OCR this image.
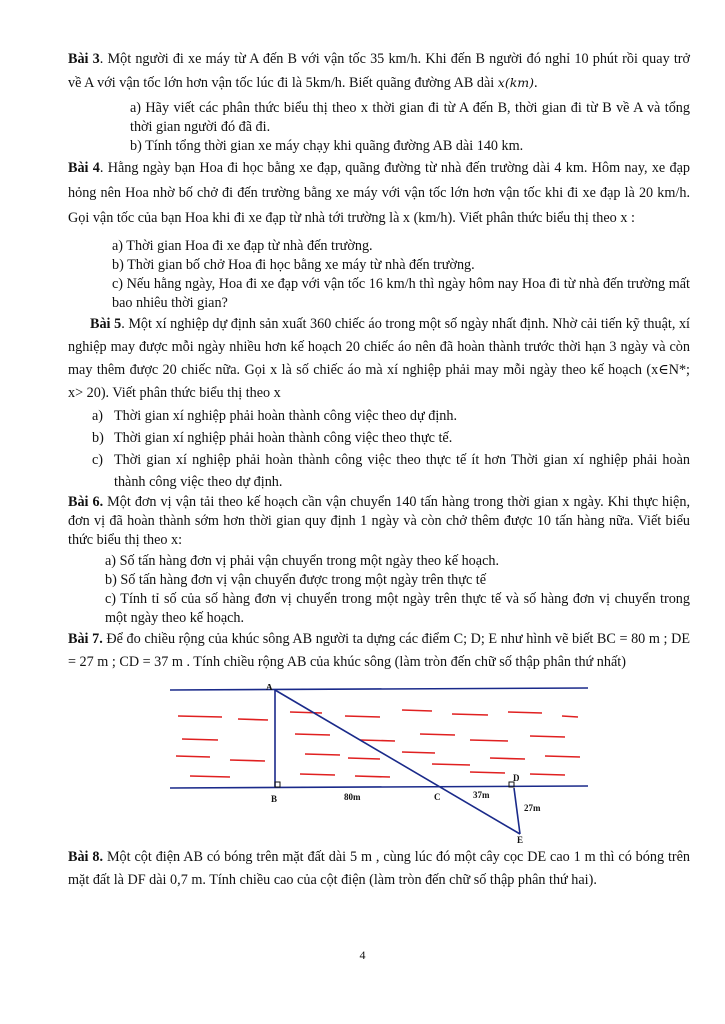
Bài 3. Một người đi xe máy từ A đến B với vận tốc 35 km/h. Khi đến B người đó nghỉ 10 phút rồi quay trở về A với vận tốc lớn hơn vận tốc lúc đi là 5km/h. Biết quãng đường AB dài x(km).

a) Hãy viết các phân thức biểu thị theo x thời gian đi từ A đến B, thời gian đi từ B về A và tổng thời gian người đó đã đi.

b) Tính tổng thời gian xe máy chạy khi quãng đường AB dài 140 km.

Bài 4. Hằng ngày bạn Hoa đi học bằng xe đạp, quãng đường từ nhà đến trường dài 4 km. Hôm nay, xe đạp hỏng nên Hoa nhờ bố chở đi đến trường bằng xe máy với vận tốc lớn hơn vận tốc khi đi xe đạp là 20 km/h. Gọi vận tốc của bạn Hoa khi đi xe đạp từ nhà tới trường là x (km/h). Viết phân thức biểu thị theo x :

a) Thời gian Hoa đi xe đạp từ nhà đến trường.

b) Thời gian bố chở Hoa đi học bằng xe máy từ nhà đến trường.

c) Nếu hằng ngày, Hoa đi xe đạp với vận tốc 16 km/h thì ngày hôm nay Hoa đi từ nhà đến trường mất bao nhiêu thời gian?

Bài 5. Một xí nghiệp dự định sản xuất 360 chiếc áo trong một số ngày nhất định. Nhờ cải tiến kỹ thuật, xí nghiệp may được mỗi ngày nhiều hơn kế hoạch 20 chiếc áo nên đã hoàn thành trước thời hạn 3 ngày và còn may thêm được 20 chiếc nữa. Gọi x là số chiếc áo mà xí nghiệp phải may mỗi ngày theo kế hoạch (x∈N*; x> 20). Viết phân thức biểu thị theo x

a) Thời gian xí nghiệp phải hoàn thành công việc theo dự định.
b) Thời gian xí nghiệp phải hoàn thành công việc theo thực tế.
c) Thời gian xí nghiệp phải hoàn thành công việc theo thực tế ít hơn Thời gian xí nghiệp phải hoàn thành công việc theo dự định.

Bài 6. Một đơn vị vận tải theo kế hoạch cần vận chuyển 140 tấn hàng trong thời gian x ngày. Khi thực hiện, đơn vị đã hoàn thành sớm hơn thời gian quy định 1 ngày và còn chở thêm được 10 tấn hàng nữa. Viết biểu thức biểu thị theo x:

a) Số tấn hàng đơn vị phải vận chuyển trong một ngày theo kế hoạch.

b) Số tấn hàng đơn vị vận chuyển được trong một ngày trên thực tế

c) Tính tỉ số của số hàng đơn vị chuyển trong một ngày trên thực tế và số hàng đơn vị chuyển trong một ngày theo kế hoạch.

Bài 7. Để đo chiều rộng của khúc sông AB người ta dựng các điểm C; D; E như hình vẽ biết BC = 80 m ; DE = 27 m ; CD = 37 m . Tính chiều rộng AB của khúc sông (làm tròn đến chữ số thập phân thứ nhất)

A
B	C
D
E
80m	37m
27m

Bài 8. Một cột điện AB có bóng trên mặt đất dài 5 m , cùng lúc đó một cây cọc DE cao 1 m thì có bóng trên mặt đất là DF dài 0,7 m. Tính chiều cao của cột điện (làm tròn đến chữ số thập phân thứ hai).

4
